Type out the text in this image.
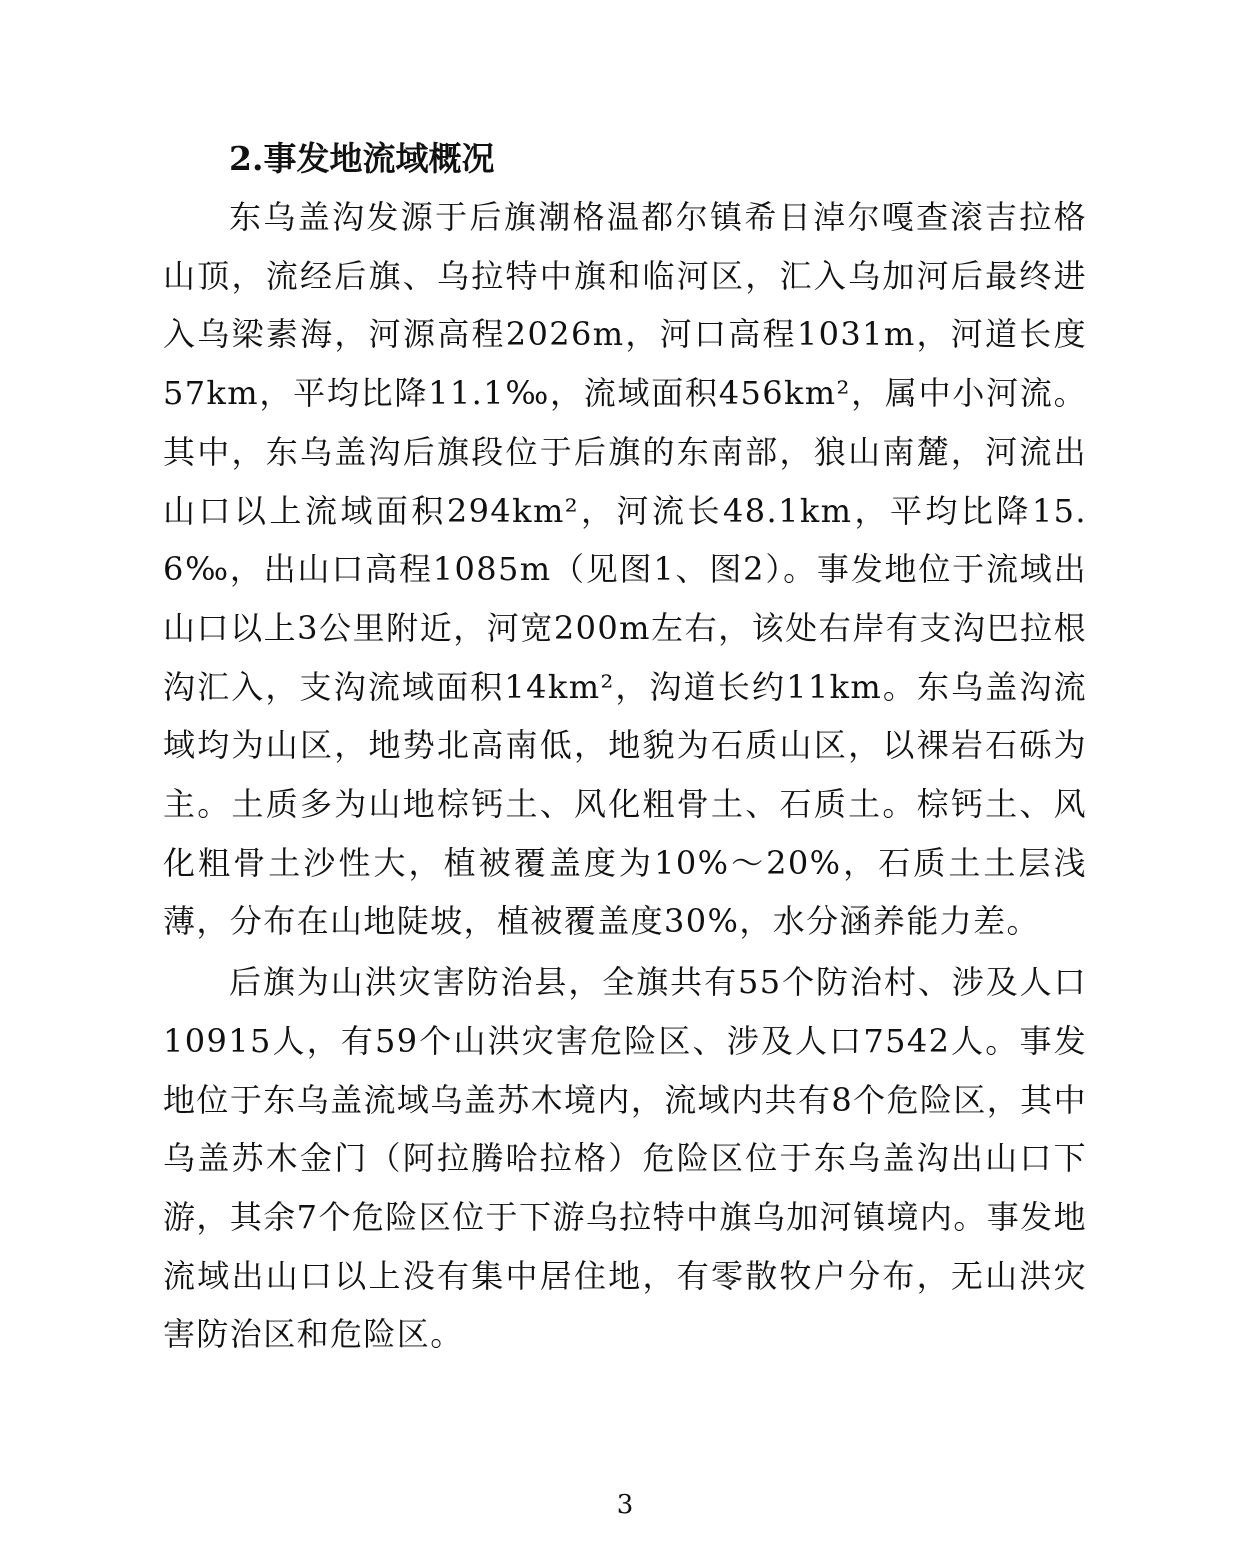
2.事发地流域概况

东乌盖沟发源于后旗潮格温都尔镇希日淖尔嘎查滚吉拉格山顶，流经后旗、乌拉特中旗和临河区，汇入乌加河后最终进入乌梁素海，河源高程2026m，河口高程1031m，河道长度57km，平均比降11.1‰，流域面积456km²，属中小河流。其中，东乌盖沟后旗段位于后旗的东南部，狼山南麓，河流出山口以上流域面积294km²，河流长48.1km，平均比降15.6‰，出山口高程1085m（见图1、图2）。事发地位于流域出山口以上3公里附近，河宽200m左右，该处右岸有支沟巴拉根沟汇入，支沟流域面积14km²，沟道长约11km。东乌盖沟流域均为山区，地势北高南低，地貌为石质山区，以裸岩石砾为主。土质多为山地棕钙土、风化粗骨土、石质土。棕钙土、风化粗骨土沙性大，植被覆盖度为10%～20%，石质土土层浅薄，分布在山地陡坡，植被覆盖度30%，水分涵养能力差。

后旗为山洪灾害防治县，全旗共有55个防治村、涉及人口10915人，有59个山洪灾害危险区、涉及人口7542人。事发地位于东乌盖流域乌盖苏木境内，流域内共有8个危险区，其中乌盖苏木金门（阿拉腾哈拉格）危险区位于东乌盖沟出山口下游，其余7个危险区位于下游乌拉特中旗乌加河镇境内。事发地流域出山口以上没有集中居住地，有零散牧户分布，无山洪灾害防治区和危险区。

3
